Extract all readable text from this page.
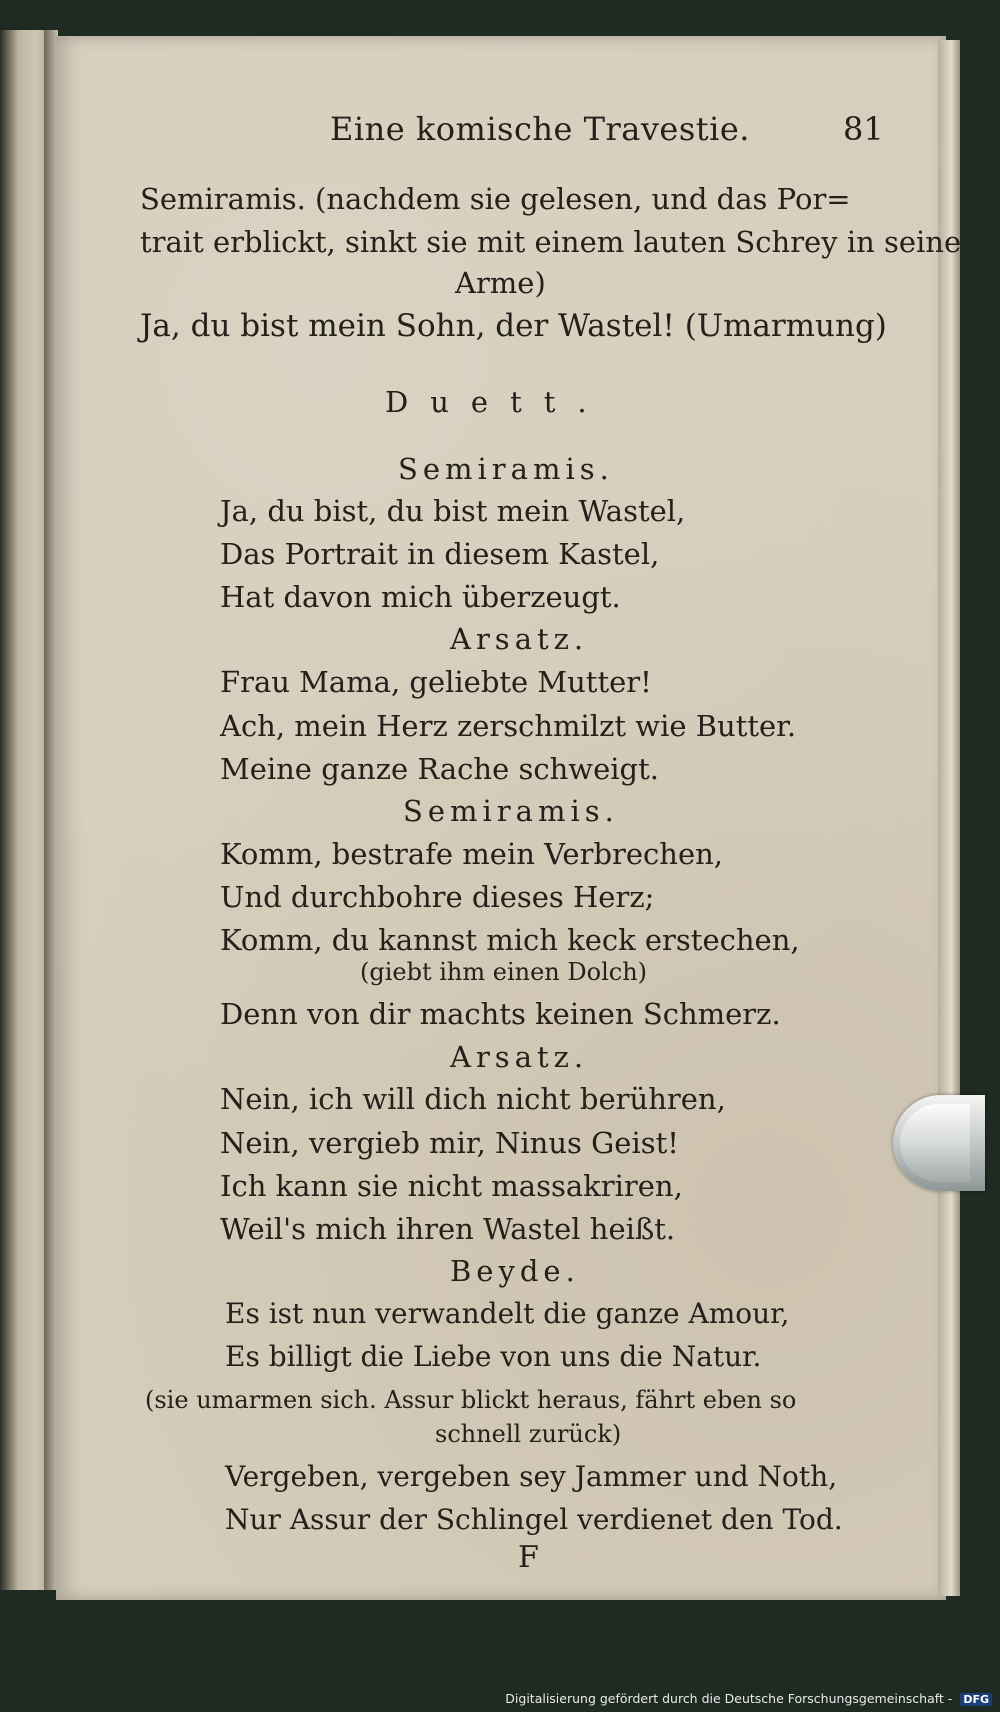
Eine komische Travestie.	81
Semiramis. (nachdem sie gelesen, und das Por=
trait erblickt, sinkt sie mit einem lauten Schrey in seine
Arme)
Ja, du bist mein Sohn, der Wastel! (Umarmung)
Duett.
Semiramis.
Ja, du bist, du bist mein Wastel,
Das Portrait in diesem Kastel,
Hat davon mich überzeugt.
Arsatz.
Frau Mama, geliebte Mutter!
Ach, mein Herz zerschmilzt wie Butter.
Meine ganze Rache schweigt.
Semiramis.
Komm, bestrafe mein Verbrechen,
Und durchbohre dieses Herz;
Komm, du kannst mich keck erstechen,
(giebt ihm einen Dolch)
Denn von dir machts keinen Schmerz.
Arsatz.
Nein, ich will dich nicht berühren,
Nein, vergieb mir, Ninus Geist!
Ich kann sie nicht massakriren,
Weil's mich ihren Wastel heißt.
Beyde.
Es ist nun verwandelt die ganze Amour,
Es billigt die Liebe von uns die Natur.
(sie umarmen sich. Assur blickt heraus, fährt eben so
schnell zurück)
Vergeben, vergeben sey Jammer und Noth,
Nur Assur der Schlingel verdienet den Tod.
F
Digitalisierung gefördert durch die Deutsche Forschungsgemeinschaft - DFG
